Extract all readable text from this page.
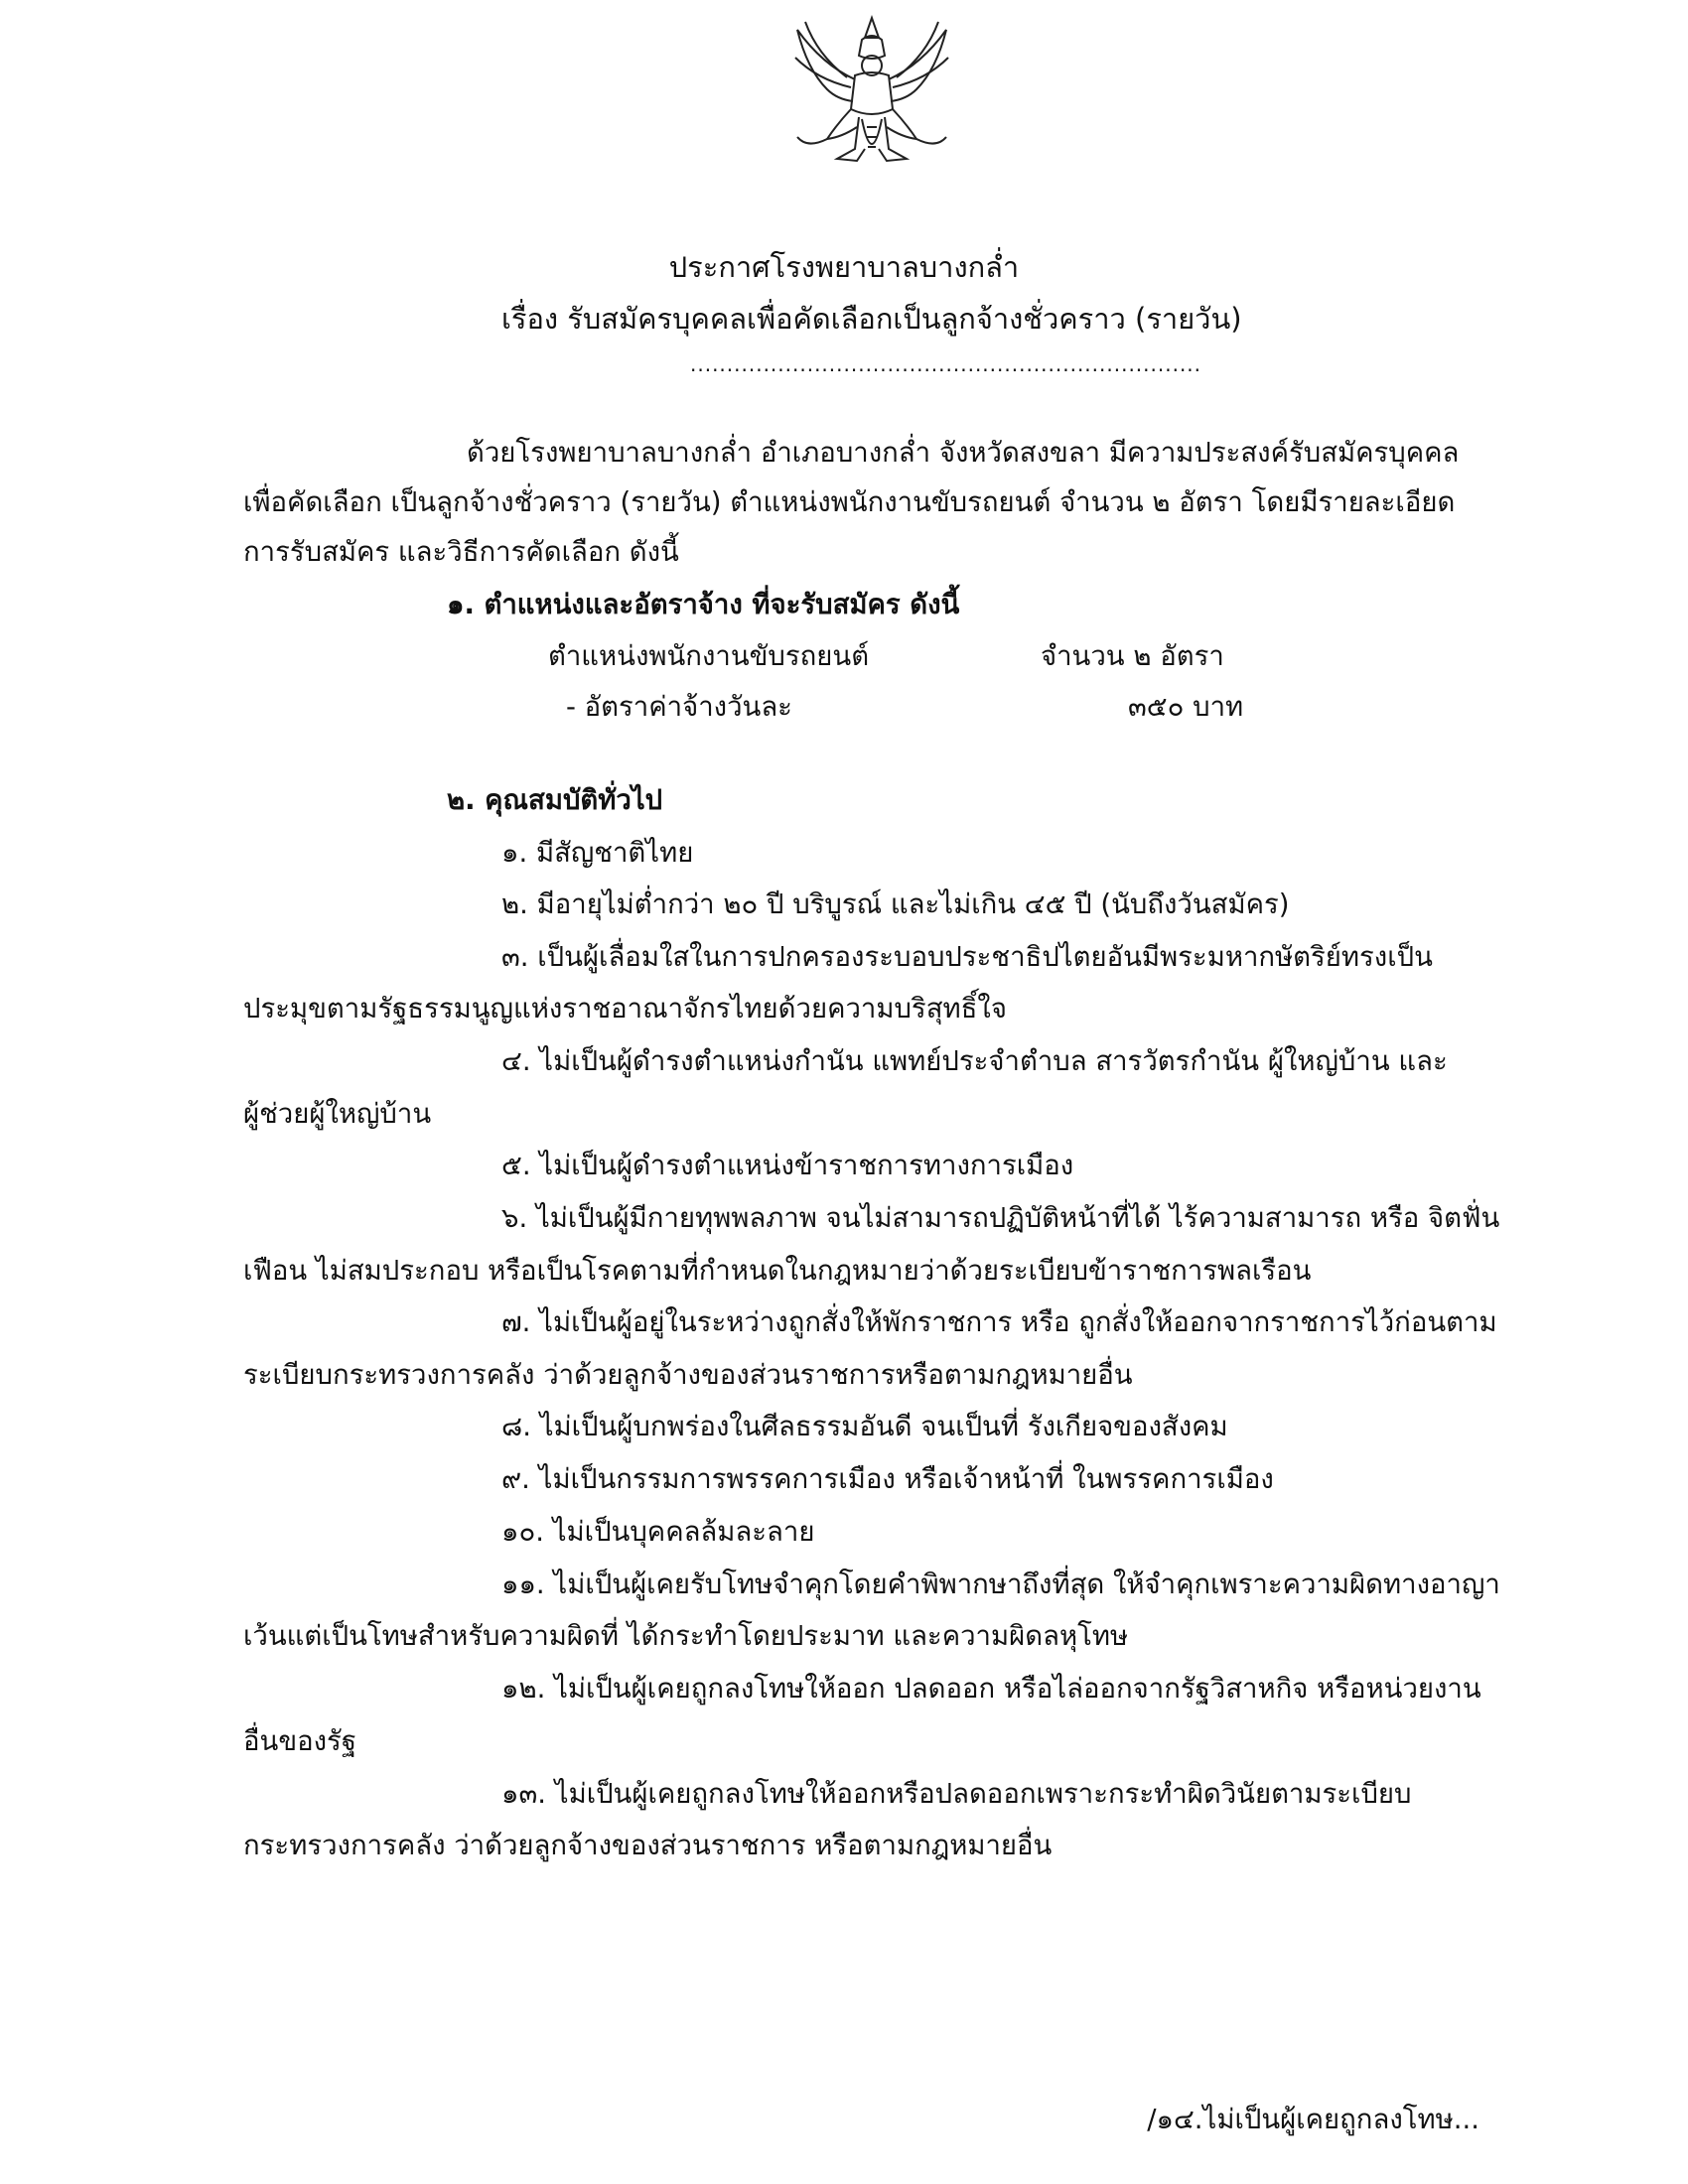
ประกาศโรงพยาบาลบางกล่ำ
เรื่อง รับสมัครบุคคลเพื่อคัดเลือกเป็นลูกจ้างชั่วคราว (รายวัน)
......................................................................
ด้วยโรงพยาบาลบางกล่ำ อำเภอบางกล่ำ จังหวัดสงขลา มีความประสงค์รับสมัครบุคคล
เพื่อคัดเลือก เป็นลูกจ้างชั่วคราว (รายวัน) ตำแหน่งพนักงานขับรถยนต์ จำนวน ๒ อัตรา โดยมีรายละเอียด
การรับสมัคร และวิธีการคัดเลือก ดังนี้
๑. ตำแหน่งและอัตราจ้าง ที่จะรับสมัคร ดังนี้
ตำแหน่งพนักงานขับรถยนต์	จำนวน ๒ อัตรา
- อัตราค่าจ้างวันละ	๓๕๐ บาท
๒. คุณสมบัติทั่วไป
๑. มีสัญชาติไทย
๒. มีอายุไม่ต่ำกว่า ๒๐ ปี บริบูรณ์ และไม่เกิน ๔๕ ปี (นับถึงวันสมัคร)
๓. เป็นผู้เลื่อมใสในการปกครองระบอบประชาธิปไตยอันมีพระมหากษัตริย์ทรงเป็น
ประมุขตามรัฐธรรมนูญแห่งราชอาณาจักรไทยด้วยความบริสุทธิ์ใจ
๔. ไม่เป็นผู้ดำรงตำแหน่งกำนัน แพทย์ประจำตำบล สารวัตรกำนัน ผู้ใหญ่บ้าน และ
ผู้ช่วยผู้ใหญ่บ้าน
๕. ไม่เป็นผู้ดำรงตำแหน่งข้าราชการทางการเมือง
๖. ไม่เป็นผู้มีกายทุพพลภาพ จนไม่สามารถปฏิบัติหน้าที่ได้ ไร้ความสามารถ หรือ จิตฟั่น
เฟือน ไม่สมประกอบ หรือเป็นโรคตามที่กำหนดในกฎหมายว่าด้วยระเบียบข้าราชการพลเรือน
๗. ไม่เป็นผู้อยู่ในระหว่างถูกสั่งให้พักราชการ หรือ ถูกสั่งให้ออกจากราชการไว้ก่อนตาม
ระเบียบกระทรวงการคลัง ว่าด้วยลูกจ้างของส่วนราชการหรือตามกฎหมายอื่น
๘. ไม่เป็นผู้บกพร่องในศีลธรรมอันดี จนเป็นที่ รังเกียจของสังคม
๙. ไม่เป็นกรรมการพรรคการเมือง หรือเจ้าหน้าที่ ในพรรคการเมือง
๑๐. ไม่เป็นบุคคลล้มละลาย
๑๑. ไม่เป็นผู้เคยรับโทษจำคุกโดยคำพิพากษาถึงที่สุด ให้จำคุกเพราะความผิดทางอาญา
เว้นแต่เป็นโทษสำหรับความผิดที่ ได้กระทำโดยประมาท และความผิดลหุโทษ
๑๒. ไม่เป็นผู้เคยถูกลงโทษให้ออก ปลดออก หรือไล่ออกจากรัฐวิสาหกิจ หรือหน่วยงาน
อื่นของรัฐ
๑๓. ไม่เป็นผู้เคยถูกลงโทษให้ออกหรือปลดออกเพราะกระทำผิดวินัยตามระเบียบ
กระทรวงการคลัง ว่าด้วยลูกจ้างของส่วนราชการ หรือตามกฎหมายอื่น
/๑๔.ไม่เป็นผู้เคยถูกลงโทษ...
